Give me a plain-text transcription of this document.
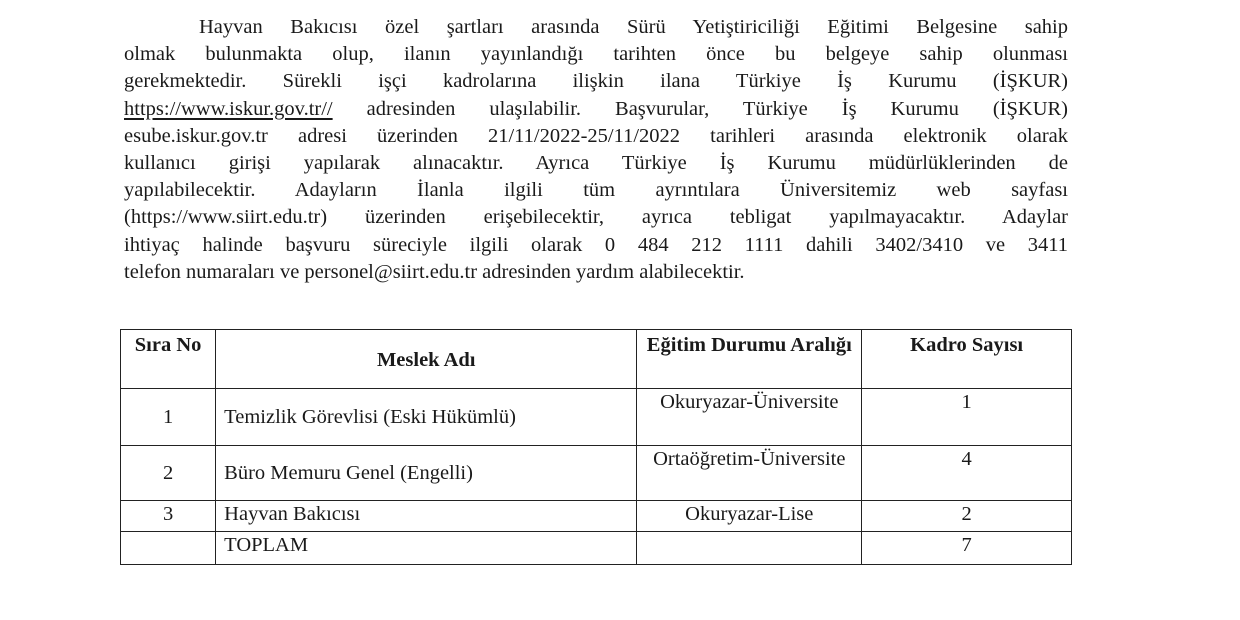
Hayvan Bakıcısı özel şartları arasında Sürü Yetiştiriciliği Eğitimi Belgesine sahip
olmak bulunmakta olup, ilanın yayınlandığı tarihten önce bu belgeye sahip olunması
gerekmektedir. Sürekli işçi kadrolarına ilişkin ilana Türkiye İş Kurumu (İŞKUR)
https://www.iskur.gov.tr// adresinden ulaşılabilir. Başvurular, Türkiye İş Kurumu (İŞKUR)
esube.iskur.gov.tr adresi üzerinden 21/11/2022-25/11/2022 tarihleri arasında elektronik olarak
kullanıcı girişi yapılarak alınacaktır. Ayrıca Türkiye İş Kurumu müdürlüklerinden de
yapılabilecektir. Adayların İlanla ilgili tüm ayrıntılara Üniversitemiz web sayfası
(https://www.siirt.edu.tr) üzerinden erişebilecektir, ayrıca tebligat yapılmayacaktır. Adaylar
ihtiyaç halinde başvuru süreciyle ilgili olarak 0 484 212 1111 dahili 3402/3410 ve 3411
telefon numaraları ve personel@siirt.edu.tr adresinden yardım alabilecektir.
Sıra No	Meslek Adı	Eğitim Durumu Aralığı	Kadro Sayısı
1	Temizlik Görevlisi (Eski Hükümlü)	Okuryazar-Üniversite	1
2	Büro Memuru Genel (Engelli)	Ortaöğretim-Üniversite	4
3	Hayvan Bakıcısı	Okuryazar-Lise	2
	TOPLAM		7
